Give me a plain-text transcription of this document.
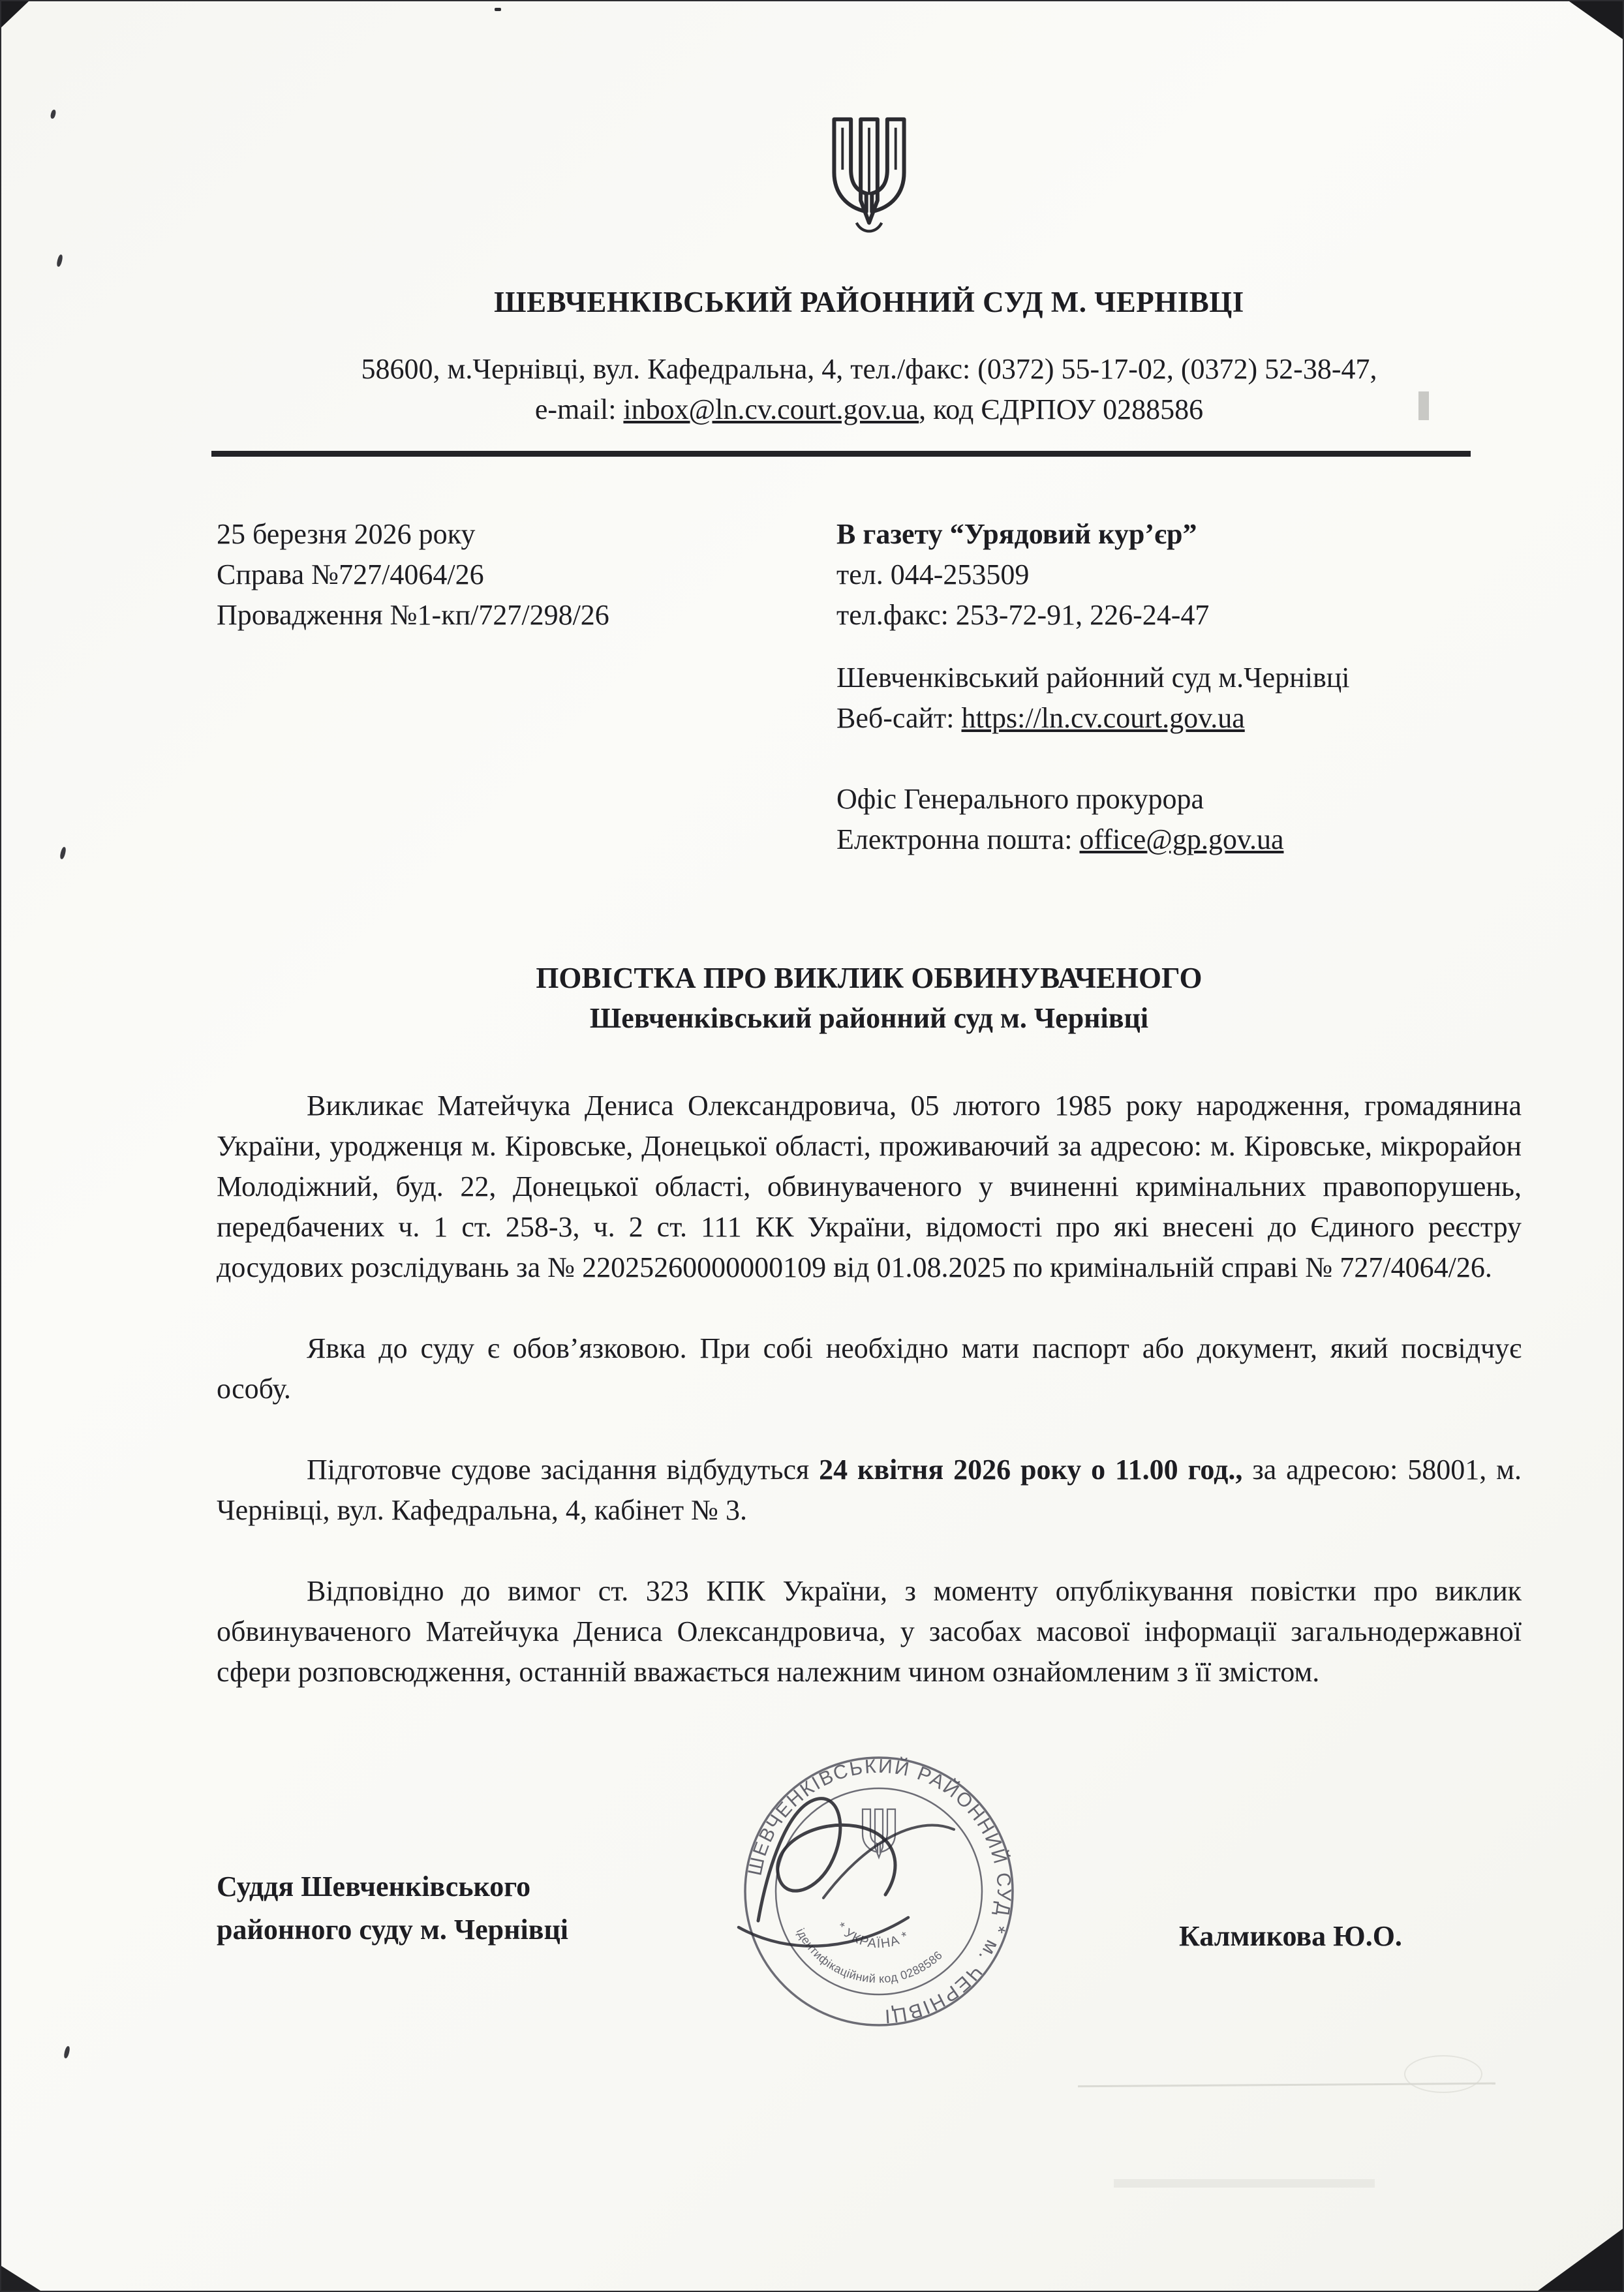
ШЕВЧЕНКІВСЬКИЙ РАЙОННИЙ СУД М. ЧЕРНІВЦІ
58600, м.Чернівці, вул. Кафедральна, 4, тел./факс: (0372) 55-17-02, (0372) 52-38-47,
e-mail: inbox@ln.cv.court.gov.ua, код ЄДРПОУ 0288586
25 березня 2026 року
Справа №727/4064/26
Провадження №1-кп/727/298/26
В газету “Урядовий кур’єр”
тел. 044-253509
тел.факс: 253-72-91, 226-24-47
Шевченківський районний суд м.Чернівці
Веб-сайт: https://ln.cv.court.gov.ua
Офіс Генерального прокурора
Електронна пошта: office@gp.gov.ua
ПОВІСТКА ПРО ВИКЛИК ОБВИНУВАЧЕНОГО
Шевченківський районний суд м. Чернівці
Викликає Матейчука Дениса Олександровича, 05 лютого 1985 року народження, громадянина України, уродженця м. Кіровське, Донецької області, проживаючий за адресою: м. Кіровське, мікрорайон Молодіжний, буд. 22, Донецької області, обвинуваченого у вчиненні кримінальних правопорушень, передбачених ч. 1 ст. 258-3, ч. 2 ст. 111 КК України, відомості про які внесені до Єдиного реєстру досудових розслідувань за № 22025260000000109 від 01.08.2025 по кримінальній справі № 727/4064/26.
Явка до суду є обов’язковою. При собі необхідно мати паспорт або документ, який посвідчує особу.
Підготовче судове засідання відбудуться 24 квітня 2026 року о 11.00 год., за адресою: 58001, м. Чернівці, вул. Кафедральна, 4, кабінет № 3.
Відповідно до вимог ст. 323 КПК України, з моменту опублікування повістки про виклик обвинуваченого Матейчука Дениса Олександровича, у засобах масової інформації загальнодержавної сфери розповсюдження, останній вважається належним чином ознайомленим з її змістом.
Суддя Шевченківського
районного суду м. Чернівці
ШЕВЧЕНКІВСЬКИЙ РАЙОННИЙ СУД * м. ЧЕРНІВЦІ
ідентифікаційний код 0288586
* УКРАЇНА *	Калмикова Ю.О.
